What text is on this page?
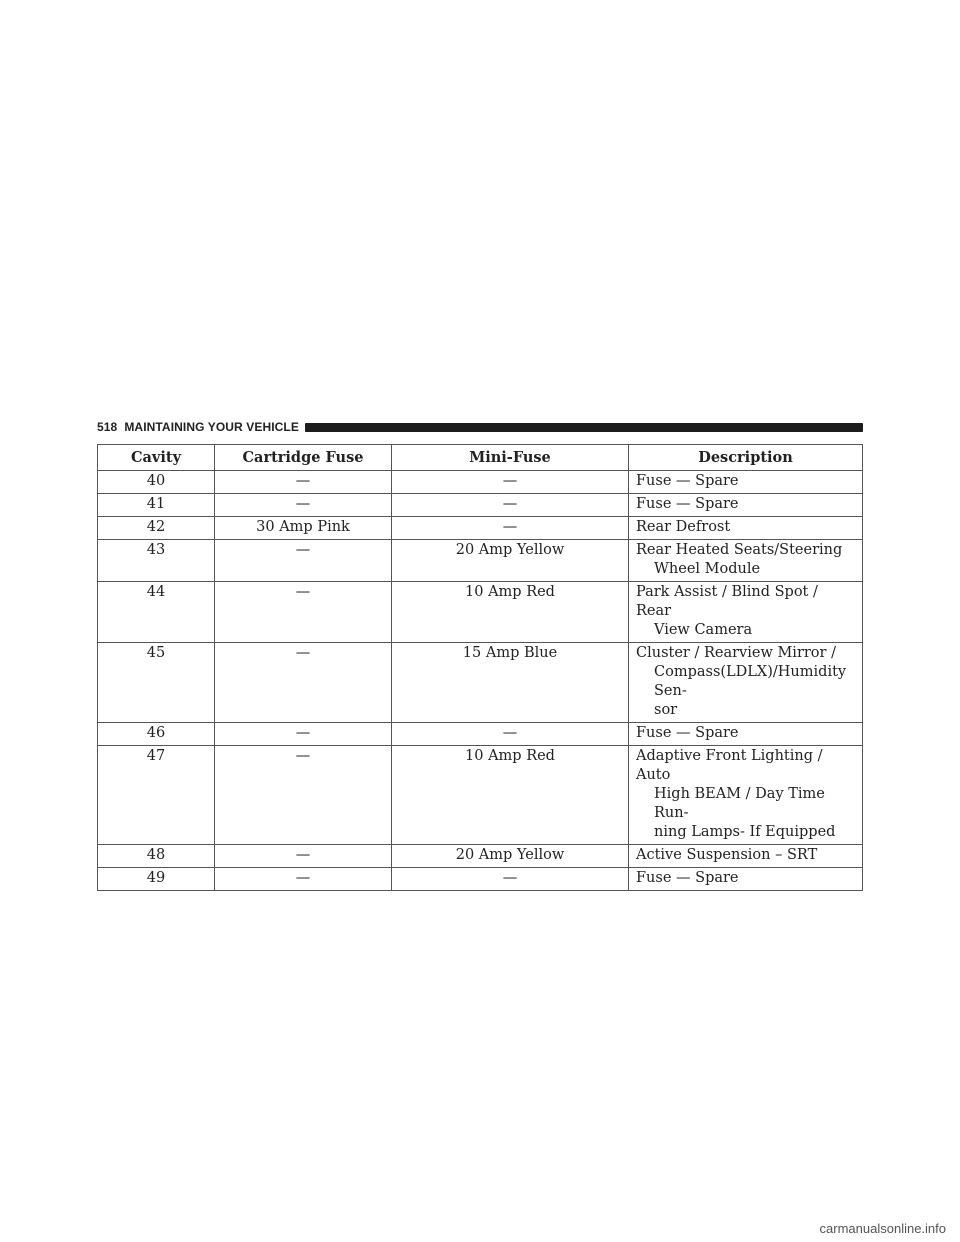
518 MAINTAINING YOUR VEHICLE
Cavity	Cartridge Fuse	Mini-Fuse	Description
40	—	—	Fuse — Spare
41	—	—	Fuse — Spare
42	30 Amp Pink	—	Rear Defrost
43	—	20 Amp Yellow	Rear Heated Seats/Steering
Wheel Module

44	—	10 Amp Red	Park Assist / Blind Spot / Rear
View Camera

45	—	15 Amp Blue	Cluster / Rearview Mirror /
Compass(LDLX)/Humidity Sen-
sor

46	—	—	Fuse — Spare
47	—	10 Amp Red	Adaptive Front Lighting / Auto
High BEAM / Day Time Run-
ning Lamps- If Equipped

48	—	20 Amp Yellow	Active Suspension – SRT
49	—	—	Fuse — Spare
carmanualsonline.info
